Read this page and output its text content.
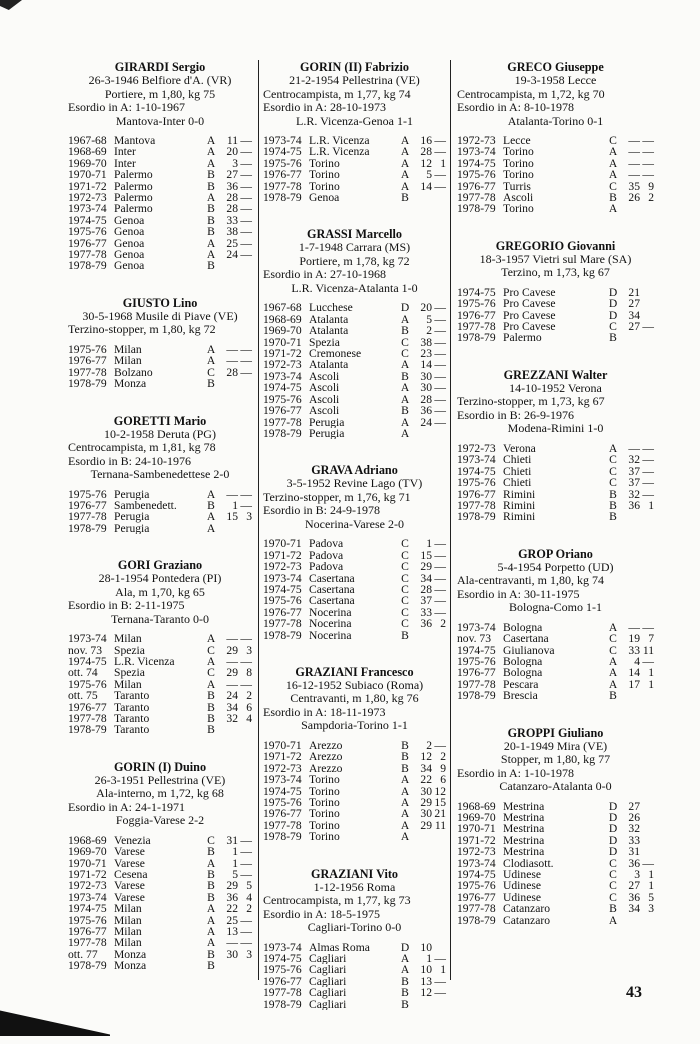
GIRARDI Sergio
26-3-1946 Belfiore d'A. (VR)
Portiere, m 1,80, kg 75
Esordio in A: 1-10-1967
Mantova-Inter 0-0
1967-68 Mantova	A	11 —
1968-69 Inter	A 20 —
1969-70 Inter	A	3 —
1970-71 Palermo	B 27 —
1971-72 Palermo	B 36 —
1972-73 Palermo	A 28 —
1973-74 Palermo	B 28 —
1974-75 Genoa	B 33 —
1975-76 Genoa	B 38 —
1976-77 Genoa	A 25 —
1977-78 Genoa	A 24 —
1978-79 Genoa	B
GIUSTO Lino
30-5-1968 Musile di Piave (VE)
Terzino-stopper, m 1,80, kg 72
1975-76 Milan	A — —
1976-77 Milan	A — —
1977-78 Bolzano	C 28 —
1978-79 Monza	B
GORETTI Mario
10-2-1958 Deruta (PG)
Centrocampista, m 1,81, kg 78
Esordio in B: 24-10-1976
Ternana-Sambenedettese 2-0
1975-76 Perugia	A — —
1976-77 Sambenedett.	B	1 —
1977-78 Perugia	A 15 3
1978-79 Perugia	A
GORI Graziano
28-1-1954 Pontedera (PI)
Ala, m 1,70, kg 65
Esordio in B: 2-11-1975
Ternana-Taranto 0-0
1973-74 Milan	A — —
nov. 73	Spezia	C 29 3
1974-75 L.R. Vicenza	A — —
ott. 74	Spezia	C 29 8
1975-76 Milan	A — —
ott. 75	Taranto	B 24 2
1976-77 Taranto	B 34 6
1977-78 Taranto	B 32 4
1978-79 Taranto	B
GORIN (I) Duino
26-3-1951 Pellestrina (VE)
Ala-interno, m 1,72, kg 68
Esordio in A: 24-1-1971
Foggia-Varese 2-2
1968-69 Venezia	C 31 —
1969-70 Varese	B	1 —
1970-71 Varese	A	1 —
1971-72 Cesena	B	5 —
1972-73 Varese	B 29 5
1973-74 Varese	B 36 4
1974-75 Milan	A 22 2
1975-76 Milan	A 25 —
1976-77 Milan	A 13 —
1977-78 Milan	A — —
ott. 77	Monza	B 30 3
1978-79 Monza	B
GORIN (II) Fabrizio
21-2-1954 Pellestrina (VE)
Centrocampista, m 1,77, kg 74
Esordio in A: 28-10-1973
L.R. Vicenza-Genoa 1-1
1973-74 L.R. Vicenza	A 16 —
1974-75 L.R. Vicenza	A 28 —
1975-76 Torino	A 12 1
1976-77 Torino	A	5 —
1977-78 Torino	A 14 —
1978-79 Genoa	B
GRASSI Marcello
1-7-1948 Carrara (MS)
Portiere, m 1,78, kg 72
Esordio in A: 27-10-1968
L.R. Vicenza-Atalanta 1-0
1967-68 Lucchese	D 20 —
1968-69 Atalanta	A	5 —
1969-70 Atalanta	B	2 —
1970-71 Spezia	C 38 —
1971-72 Cremonese	C 23 —
1972-73 Atalanta	A 14 —
1973-74 Ascoli	B 30 —
1974-75 Ascoli	A 30 —
1975-76 Ascoli	A 28 —
1976-77 Ascoli	B 36 —
1977-78 Perugia	A 24 —
1978-79 Perugia	A
GRAVA Adriano
3-5-1952 Revine Lago (TV)
Terzino-stopper, m 1,76, kg 71
Esordio in B: 24-9-1978
Nocerina-Varese 2-0
1970-71 Padova	C	1 —
1971-72 Padova	C 15 —
1972-73 Padova	C 29 —
1973-74 Casertana	C 34 —
1974-75 Casertana	C 28 —
1975-76 Casertana	C 37 —
1976-77 Nocerina	C 33 —
1977-78 Nocerina	C 36 2
1978-79 Nocerina	B
GRAZIANI Francesco
16-12-1952 Subiaco (Roma)
Centravanti, m 1,80, kg 76
Esordio in A: 18-11-1973
Sampdoria-Torino 1-1
1970-71 Arezzo	B	2 —
1971-72 Arezzo	B 12 2
1972-73 Arezzo	B 34 9
1973-74 Torino	A 22 6
1974-75 Torino	A 30 12
1975-76 Torino	A 29 15
1976-77 Torino	A 30 21
1977-78 Torino	A 29 11
1978-79 Torino	A
GRAZIANI Vito
1-12-1956 Roma
Centrocampista, m 1,77, kg 73
Esordio in A: 18-5-1975
Cagliari-Torino 0-0
1973-74 Almas Roma	D 10
1974-75 Cagliari	A	1 —
1975-76 Cagliari	A 10 1
1976-77 Cagliari	B 13 —
1977-78 Cagliari	B 12 —
1978-79 Cagliari	B
GRECO Giuseppe
19-3-1958 Lecce
Centrocampista, m 1,72, kg 70
Esordio in A: 8-10-1978
Atalanta-Torino 0-1
1972-73 Lecce	C — —
1973-74 Torino	A — —
1974-75 Torino	A — —
1975-76 Torino	A — —
1976-77 Turris	C 35 9
1977-78 Ascoli	B 26 2
1978-79 Torino	A
GREGORIO Giovanni
18-3-1957 Vietri sul Mare (SA)
Terzino, m 1,73, kg 67
1974-75 Pro Cavese	D 21
1975-76 Pro Cavese	D 27
1976-77 Pro Cavese	D 34
1977-78 Pro Cavese	C 27 —
1978-79 Palermo	B
GREZZANI Walter
14-10-1952 Verona
Terzino-stopper, m 1,73, kg 67
Esordio in B: 26-9-1976
Modena-Rimini 1-0
1972-73 Verona	A — —
1973-74 Chieti	C 32 —
1974-75 Chieti	C 37 —
1975-76 Chieti	C 37 —
1976-77 Rimini	B 32 —
1977-78 Rimini	B 36 1
1978-79 Rimini	B
GROP Oriano
5-4-1954 Porpetto (UD)
Ala-centravanti, m 1,80, kg 74
Esordio in A: 30-11-1975
Bologna-Como 1-1
1973-74 Bologna	A — —
nov. 73	Casertana	C 19 7
1974-75 Giulianova	C 33 11
1975-76 Bologna	A	4 —
1976-77 Bologna	A 14 1
1977-78 Pescara	A 17 1
1978-79 Brescia	B
GROPPI Giuliano
20-1-1949 Mira (VE)
Stopper, m 1,80, kg 77
Esordio in A: 1-10-1978
Catanzaro-Atalanta 0-0
1968-69 Mestrina	D 27
1969-70 Mestrina	D 26
1970-71 Mestrina	D 32
1971-72 Mestrina	D 33
1972-73 Mestrina	D 31
1973-74 Clodiasott.	C 36 —
1974-75 Udinese	C	3 1
1975-76 Udinese	C 27 1
1976-77 Udinese	C 36 5
1977-78 Catanzaro	B 34 3
1978-79 Catanzaro	A
43
